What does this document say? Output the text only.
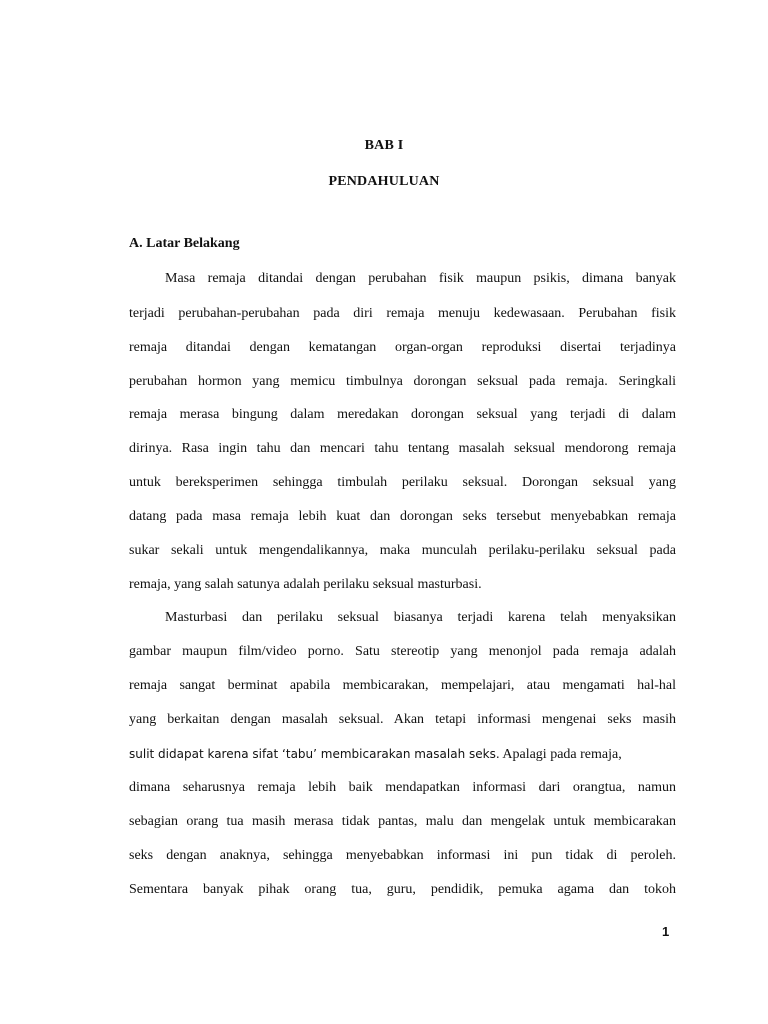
BAB I
PENDAHULUAN
A. Latar Belakang
Masa remaja ditandai dengan perubahan fisik maupun psikis, dimana banyak
terjadi perubahan-perubahan pada diri remaja menuju kedewasaan. Perubahan fisik
remaja ditandai dengan kematangan organ-organ reproduksi disertai terjadinya
perubahan hormon yang memicu timbulnya dorongan seksual pada remaja. Seringkali
remaja merasa bingung dalam meredakan dorongan seksual yang terjadi di dalam
dirinya. Rasa ingin tahu dan mencari tahu tentang masalah seksual mendorong remaja
untuk bereksperimen sehingga timbulah perilaku seksual. Dorongan seksual yang
datang pada masa remaja lebih kuat dan dorongan seks tersebut menyebabkan remaja
sukar sekali untuk mengendalikannya, maka munculah perilaku-perilaku seksual pada
remaja, yang salah satunya adalah perilaku seksual masturbasi.
Masturbasi dan perilaku seksual biasanya terjadi karena telah menyaksikan
gambar maupun film/video porno. Satu stereotip yang menonjol pada remaja adalah
remaja sangat berminat apabila membicarakan, mempelajari, atau mengamati hal-hal
yang berkaitan dengan masalah seksual. Akan tetapi informasi mengenai seks masih
sulit didapat karena sifat ‘tabu’ membicarakan masalah seks. Apalagi pada remaja,
dimana seharusnya remaja lebih baik mendapatkan informasi dari orangtua, namun
sebagian orang tua masih merasa tidak pantas, malu dan mengelak untuk membicarakan
seks dengan anaknya, sehingga menyebabkan informasi ini pun tidak di peroleh.
Sementara banyak pihak orang tua, guru, pendidik, pemuka agama dan tokoh
1
